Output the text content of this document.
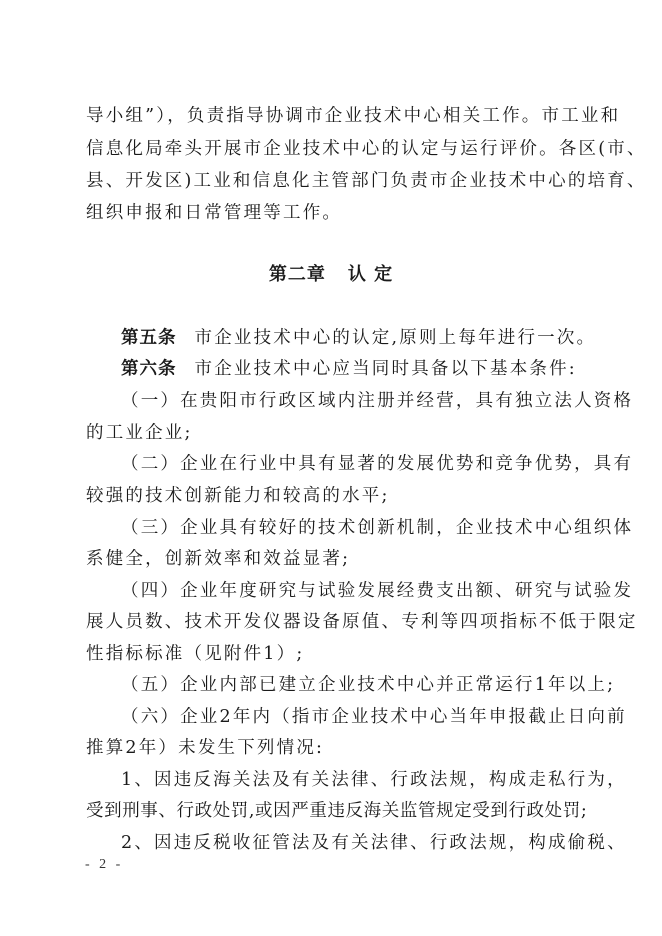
导小组”），负责指导协调市企业技术中心相关工作。市工业和
信息化局牵头开展市企业技术中心的认定与运行评价。各区(市、
县、开发区)工业和信息化主管部门负责市企业技术中心的培育、
组织申报和日常管理等工作。
第二章 认 定
第五条 市企业技术中心的认定,原则上每年进行一次。
第六条 市企业技术中心应当同时具备以下基本条件:
（一）在贵阳市行政区域内注册并经营，具有独立法人资格
的工业企业;
（二）企业在行业中具有显著的发展优势和竞争优势，具有
较强的技术创新能力和较高的水平;
（三）企业具有较好的技术创新机制，企业技术中心组织体
系健全，创新效率和效益显著;
（四）企业年度研究与试验发展经费支出额、研究与试验发
展人员数、技术开发仪器设备原值、专利等四项指标不低于限定
性指标标准（见附件1）;
（五）企业内部已建立企业技术中心并正常运行1年以上;
（六）企业2年内（指市企业技术中心当年申报截止日向前
推算2年）未发生下列情况:
1、因违反海关法及有关法律、行政法规，构成走私行为，
受到刑事、行政处罚,或因严重违反海关监管规定受到行政处罚;
2、因违反税收征管法及有关法律、行政法规，构成偷税、
- 2 -
